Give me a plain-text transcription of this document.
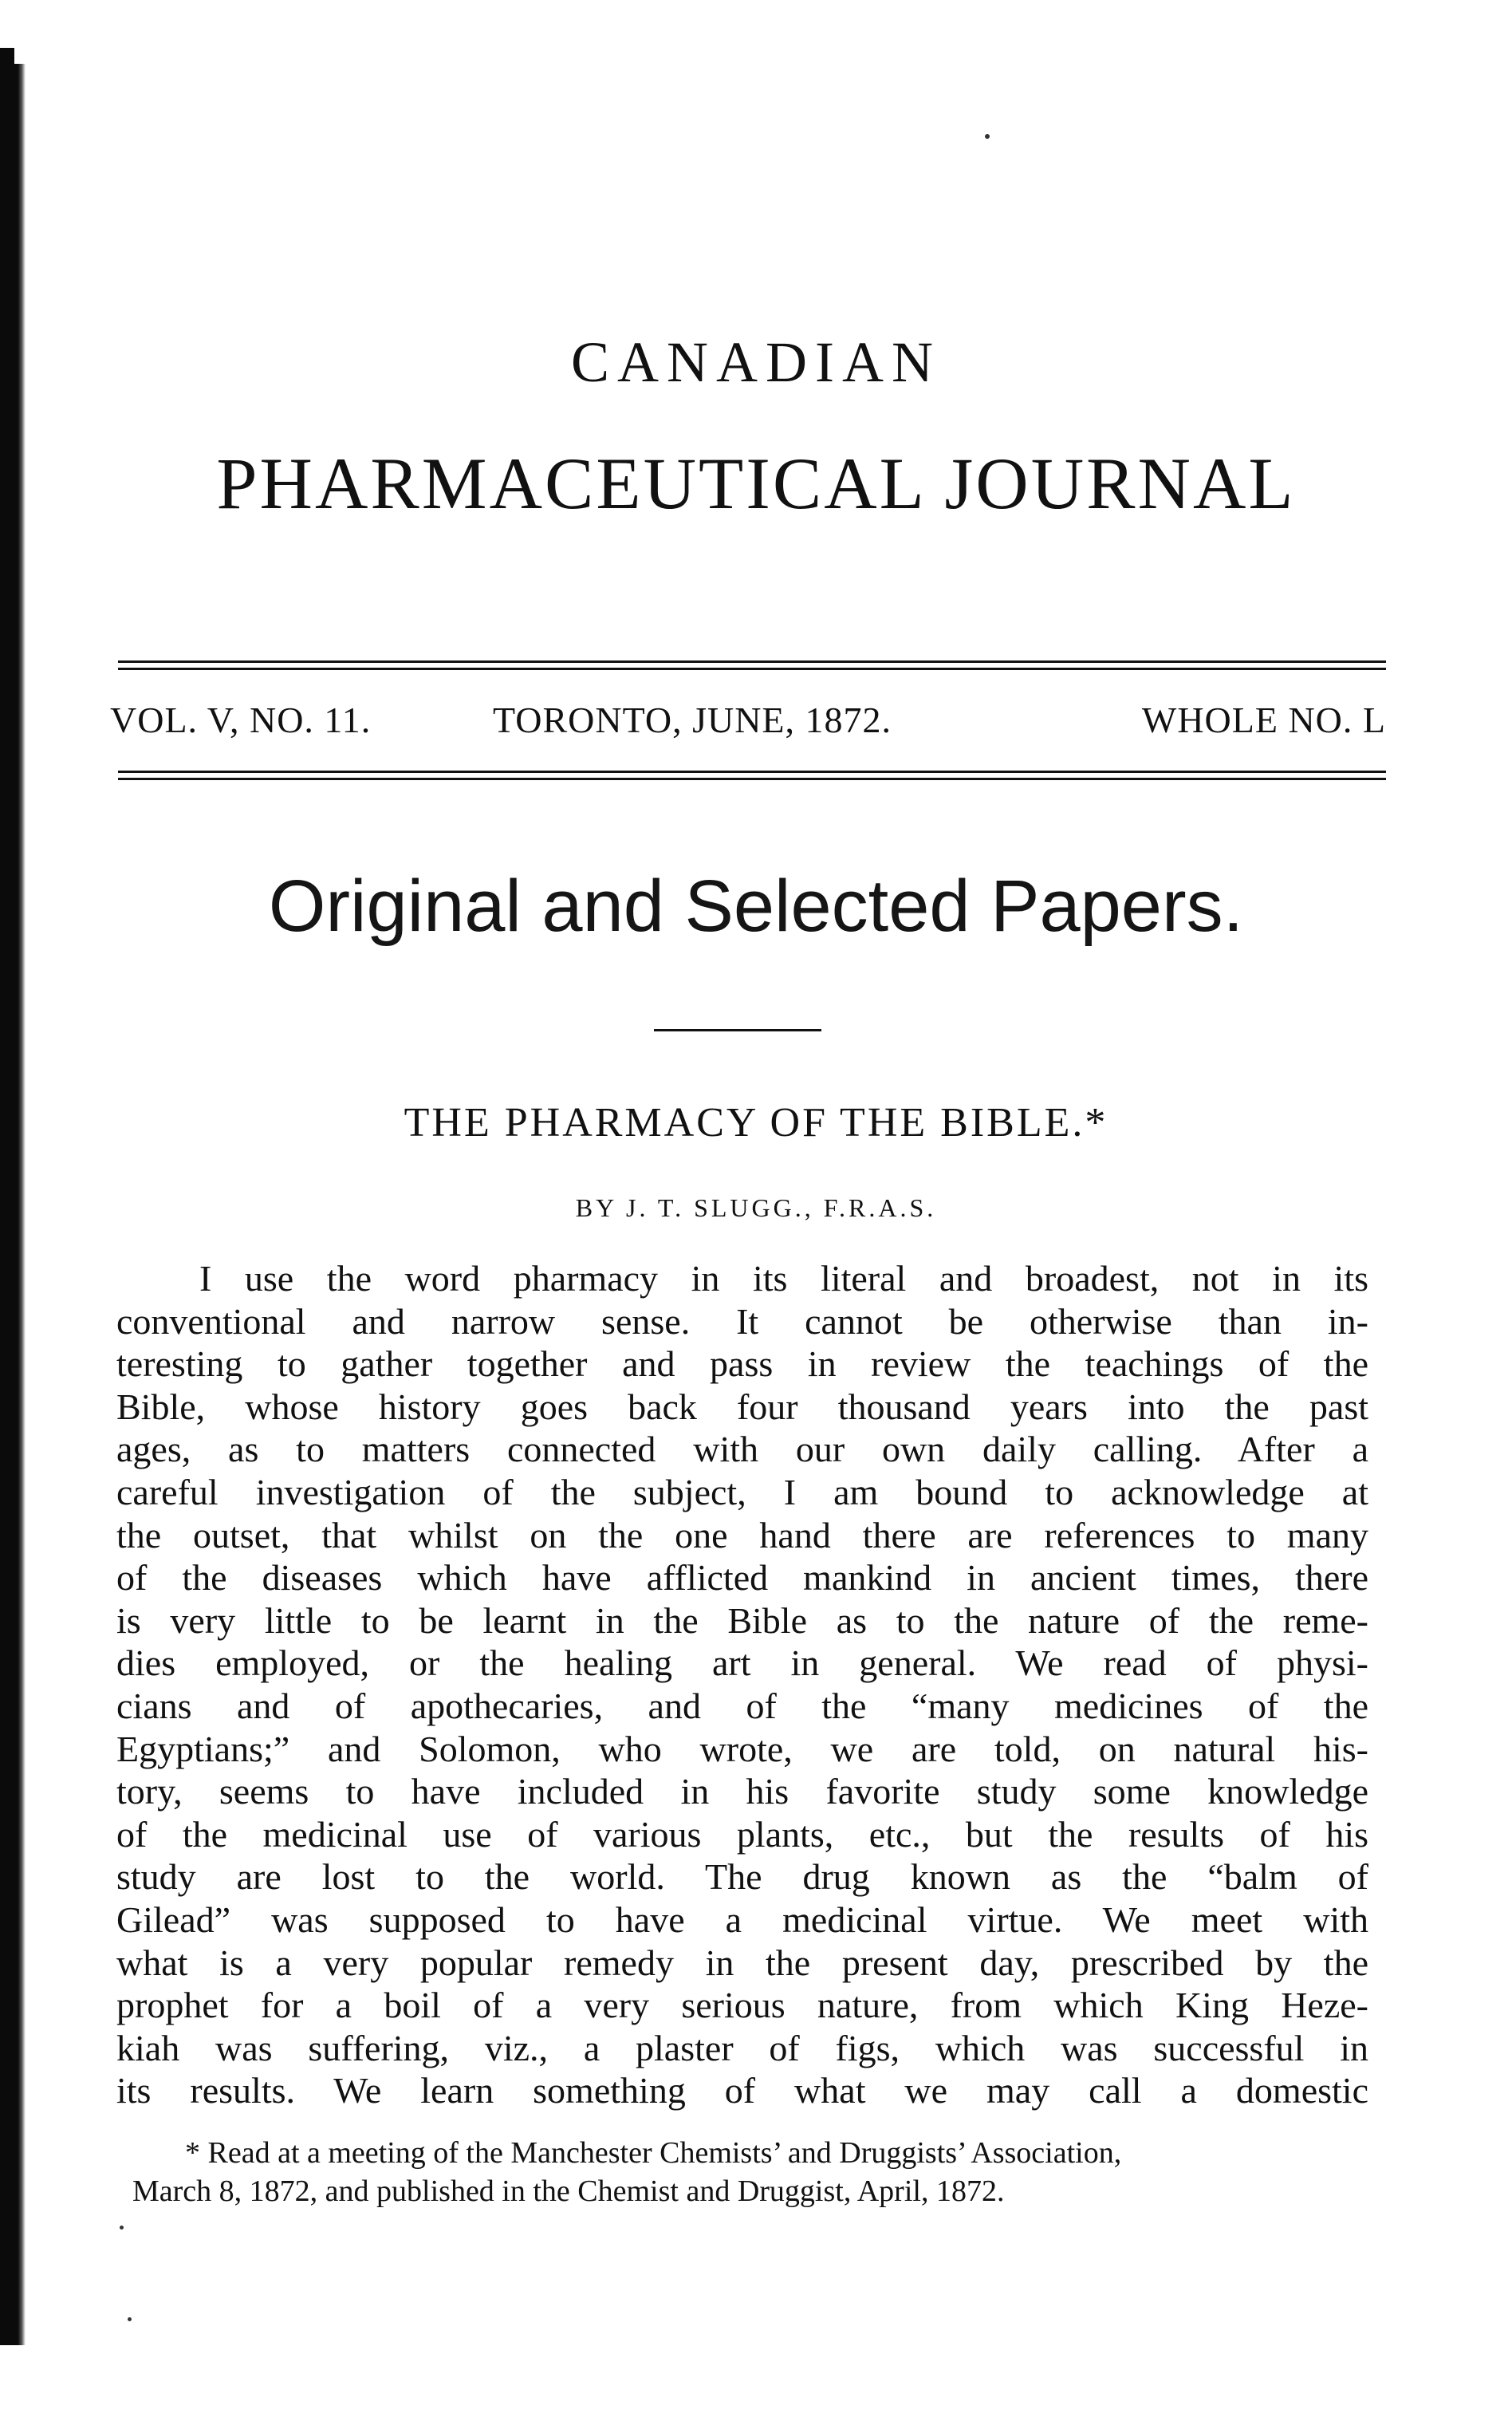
CANADIAN
PHARMACEUTICAL JOURNAL
VOL. V, NO. 11.	TORONTO, JUNE, 1872.	WHOLE NO. L
Original and Selected Papers.
THE PHARMACY OF THE BIBLE.*
BY J. T. SLUGG., F.R.A.S.
I use the word pharmacy in its literal and broadest, not in its
conventional and narrow sense. It cannot be otherwise than in-
teresting to gather together and pass in review the teachings of the
Bible, whose history goes back four thousand years into the past
ages, as to matters connected with our own daily calling. After a
careful investigation of the subject, I am bound to acknowledge at
the outset, that whilst on the one hand there are references to many
of the diseases which have afflicted mankind in ancient times, there
is very little to be learnt in the Bible as to the nature of the reme-
dies employed, or the healing art in general. We read of physi-
cians and of apothecaries, and of the “many medicines of the
Egyptians;” and Solomon, who wrote, we are told, on natural his-
tory, seems to have included in his favorite study some knowledge
of the medicinal use of various plants, etc., but the results of his
study are lost to the world. The drug known as the “balm of
Gilead” was supposed to have a medicinal virtue. We meet with
what is a very popular remedy in the present day, prescribed by the
prophet for a boil of a very serious nature, from which King Heze-
kiah was suffering, viz., a plaster of figs, which was successful in
its results. We learn something of what we may call a domestic
* Read at a meeting of the Manchester Chemists’ and Druggists’ Association,
March 8, 1872, and published in the Chemist and Druggist, April, 1872.
